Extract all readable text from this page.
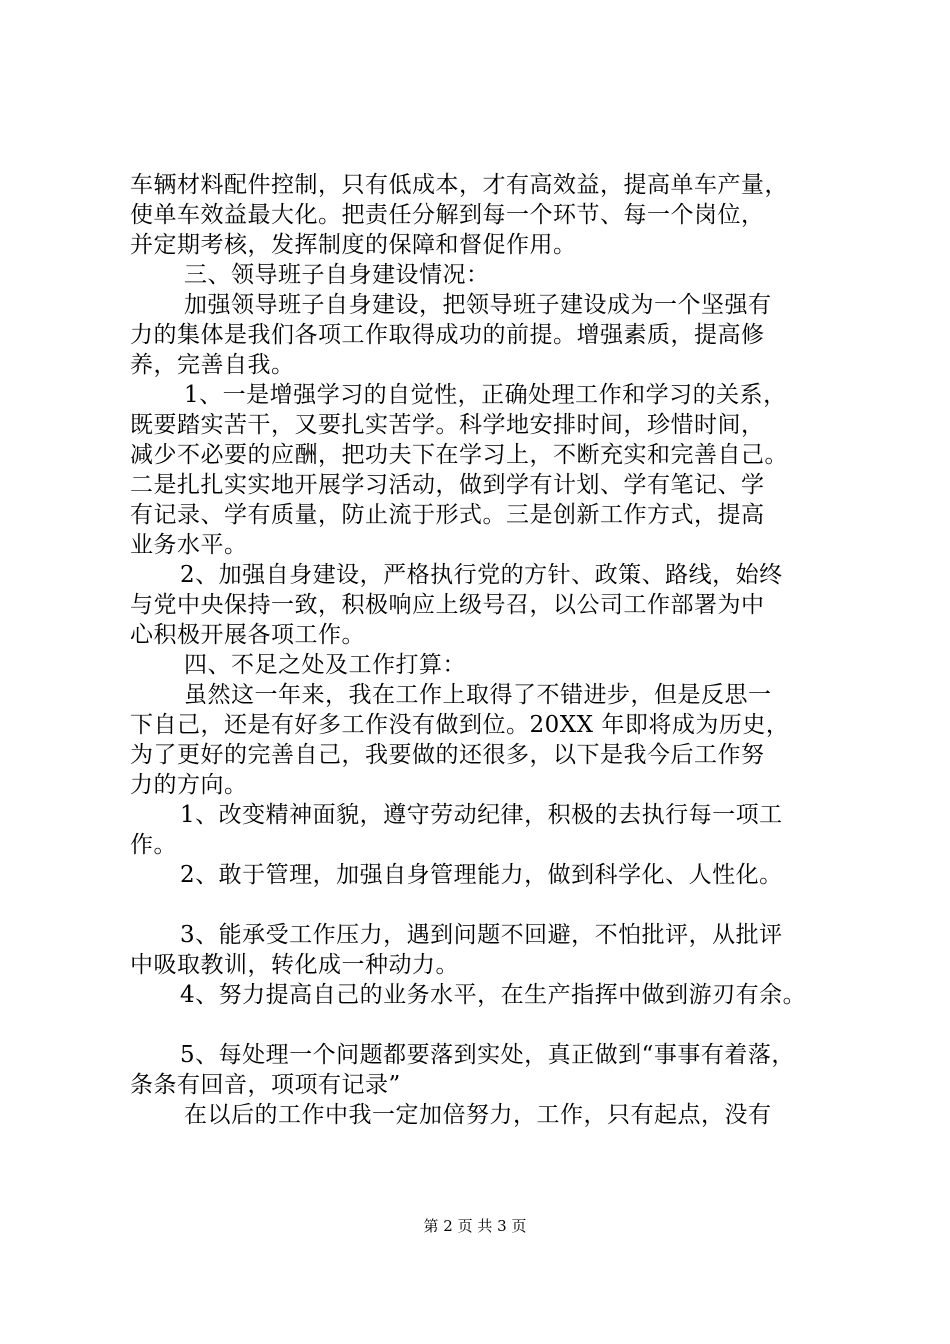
车辆材料配件控制，只有低成本，才有高效益，提高单车产量，
使单车效益最大化。把责任分解到每一个环节、每一个岗位，
并定期考核，发挥制度的保障和督促作用。
三、领导班子自身建设情况：
加强领导班子自身建设，把领导班子建设成为一个坚强有
力的集体是我们各项工作取得成功的前提。增强素质，提高修
养，完善自我。
1、一是增强学习的自觉性，正确处理工作和学习的关系，
既要踏实苦干，又要扎实苦学。科学地安排时间，珍惜时间，
减少不必要的应酬，把功夫下在学习上，不断充实和完善自己。
二是扎扎实实地开展学习活动，做到学有计划、学有笔记、学
有记录、学有质量，防止流于形式。三是创新工作方式，提高
业务水平。
2、加强自身建设，严格执行党的方针、政策、路线，始终
与党中央保持一致，积极响应上级号召，以公司工作部署为中
心积极开展各项工作。
四、不足之处及工作打算：
虽然这一年来，我在工作上取得了不错进步，但是反思一
下自己，还是有好多工作没有做到位。20XX 年即将成为历史，
为了更好的完善自己，我要做的还很多，以下是我今后工作努
力的方向。
1、改变精神面貌，遵守劳动纪律，积极的去执行每一项工
作。
2、敢于管理，加强自身管理能力，做到科学化、人性化。
3、能承受工作压力，遇到问题不回避，不怕批评，从批评
中吸取教训，转化成一种动力。
4、努力提高自己的业务水平，在生产指挥中做到游刃有余。
5、每处理一个问题都要落到实处，真正做到“事事有着落，
条条有回音，项项有记录”
在以后的工作中我一定加倍努力，工作，只有起点，没有
第 2 页 共 3 页
